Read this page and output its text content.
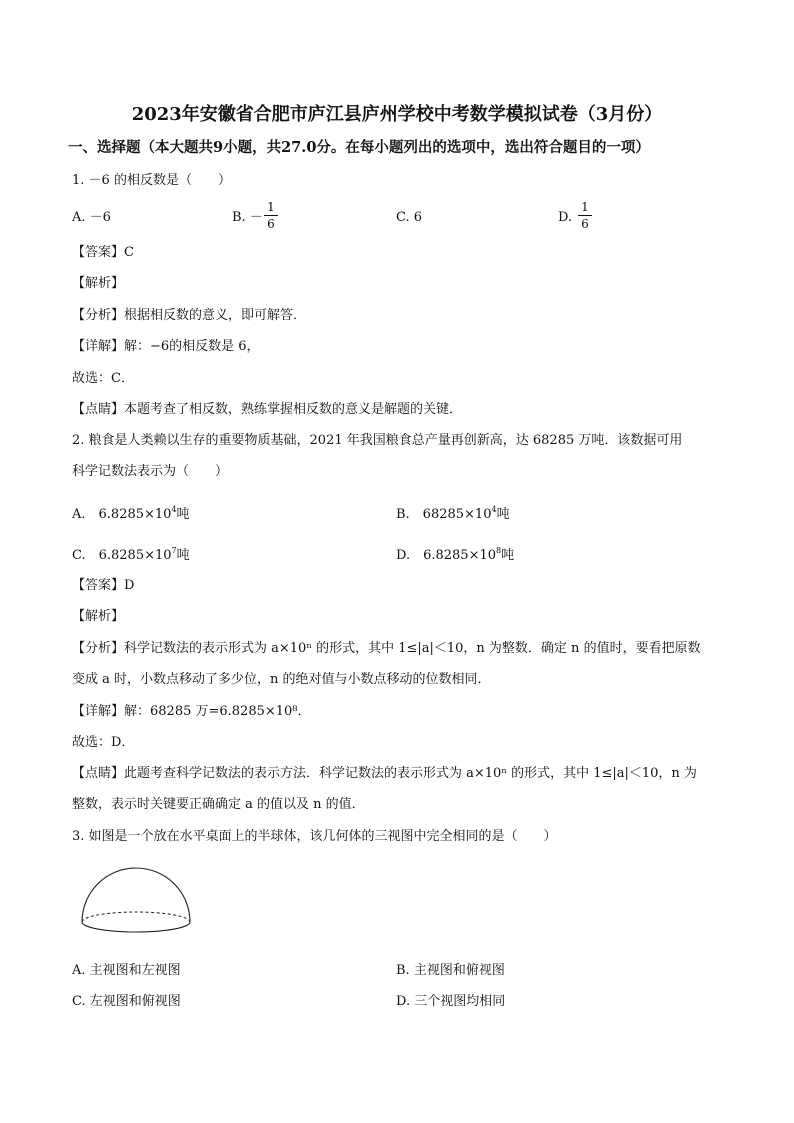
2023年安徽省合肥市庐江县庐州学校中考数学模拟试卷（3月份）
一、选择题（本大题共9小题，共27.0分。在每小题列出的选项中，选出符合题目的一项）
1. －6 的相反数是（　　）
A. －6	B. －
1
6	C. 6	D.
1
6
【答案】C
【解析】
【分析】根据相反数的意义，即可解答．
【详解】解：−6的相反数是 6，
故选：C．
【点睛】本题考查了相反数，熟练掌握相反数的意义是解题的关键．
2. 粮食是人类赖以生存的重要物质基础，2021 年我国粮食总产量再创新高，达 68285 万吨．该数据可用
科学记数法表示为（　　）
A.　$6.8285\times 10^4$吨	B.　$68285\times 10^4$吨
C.　$6.8285\times 10^7$吨	D.　$6.8285\times 10^8$吨
【答案】D
【解析】
【分析】科学记数法的表示形式为 a×10ⁿ 的形式，其中 1≤|a|＜10，n 为整数．确定 n 的值时，要看把原数
变成 a 时，小数点移动了多少位，n 的绝对值与小数点移动的位数相同．
【详解】解：68285 万=6.8285×10⁸．
故选：D．
【点睛】此题考查科学记数法的表示方法．科学记数法的表示形式为 a×10ⁿ 的形式，其中 1≤|a|＜10，n 为
整数，表示时关键要正确确定 a 的值以及 n 的值．
3. 如图是一个放在水平桌面上的半球体，该几何体的三视图中完全相同的是（　　）
A. 主视图和左视图	B. 主视图和俯视图
C. 左视图和俯视图	D. 三个视图均相同
